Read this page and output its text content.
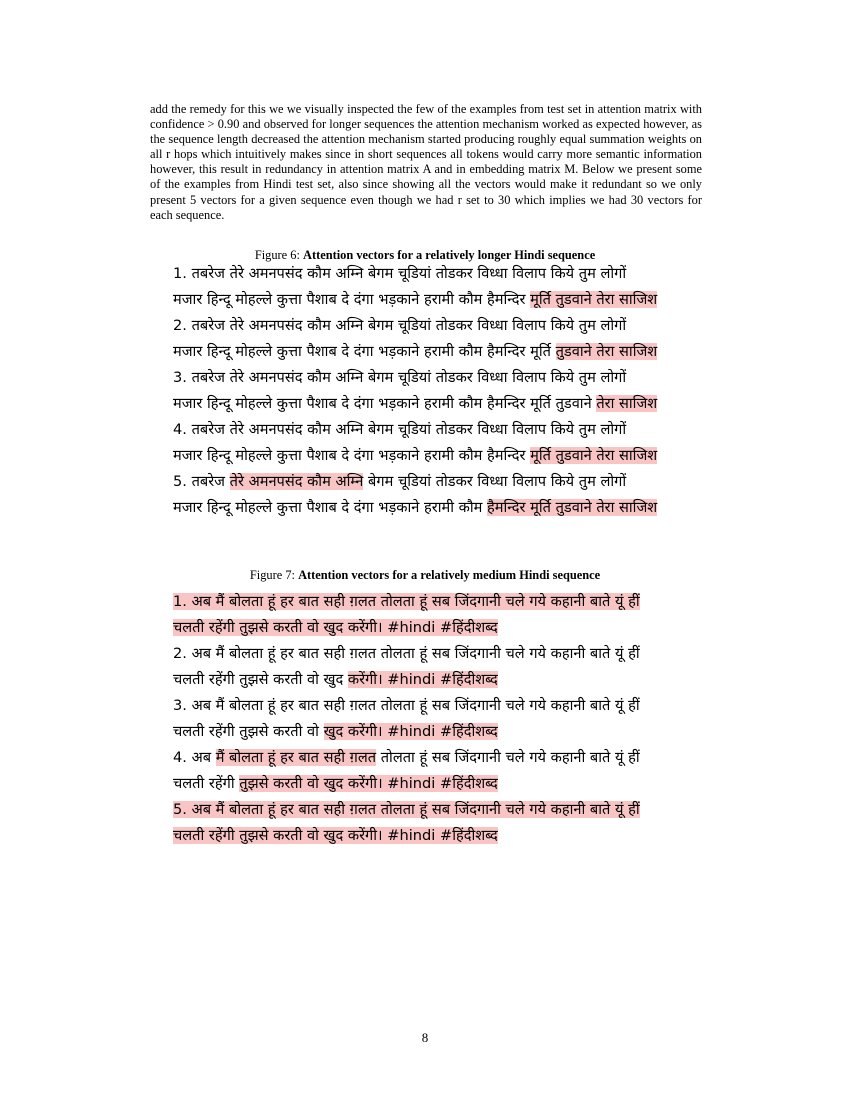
add the remedy for this we we visually inspected the few of the examples from test set in attention matrix with confidence > 0.90 and observed for longer sequences the attention mechanism worked as expected however, as the sequence length decreased the attention mechanism started producing roughly equal summation weights on all r hops which intuitively makes since in short sequences all tokens would carry more semantic information however, this result in redundancy in attention matrix A and in embedding matrix M. Below we present some of the examples from Hindi test set, also since showing all the vectors would make it redundant so we only present 5 vectors for a given sequence even though we had r set to 30 which implies we had 30 vectors for each sequence.

Figure 6: Attention vectors for a relatively longer Hindi sequence
1. तबरेज तेरे अमनपसंद कौम अम्नि बेगम चूडियां तोडकर विध्धा विलाप किये तुम लोगों
मजार हिन्दू मोहल्ले कुत्ता पैशाब दे दंगा भड़काने हरामी कौम हैमन्दिर मूर्ति तुडवाने तेरा साजिश
2. तबरेज तेरे अमनपसंद कौम अम्नि बेगम चूडियां तोडकर विध्धा विलाप किये तुम लोगों
मजार हिन्दू मोहल्ले कुत्ता पैशाब दे दंगा भड़काने हरामी कौम हैमन्दिर मूर्ति तुडवाने तेरा साजिश
3. तबरेज तेरे अमनपसंद कौम अम्नि बेगम चूडियां तोडकर विध्धा विलाप किये तुम लोगों
मजार हिन्दू मोहल्ले कुत्ता पैशाब दे दंगा भड़काने हरामी कौम हैमन्दिर मूर्ति तुडवाने तेरा साजिश
4. तबरेज तेरे अमनपसंद कौम अम्नि बेगम चूडियां तोडकर विध्धा विलाप किये तुम लोगों
मजार हिन्दू मोहल्ले कुत्ता पैशाब दे दंगा भड़काने हरामी कौम हैमन्दिर मूर्ति तुडवाने तेरा साजिश
5. तबरेज तेरे अमनपसंद कौम अम्नि बेगम चूडियां तोडकर विध्धा विलाप किये तुम लोगों
मजार हिन्दू मोहल्ले कुत्ता पैशाब दे दंगा भड़काने हरामी कौम हैमन्दिर मूर्ति तुडवाने तेरा साजिश
Figure 7: Attention vectors for a relatively medium Hindi sequence
1. अब मैं बोलता हूं हर बात सही ग़लत तोलता हूं सब जिंदगानी चले गये कहानी बाते यूं हीं
चलती रहेंगी तुझसे करती वो खुद करेंगी। #hindi #हिंदीशब्द
2. अब मैं बोलता हूं हर बात सही ग़लत तोलता हूं सब जिंदगानी चले गये कहानी बाते यूं हीं
चलती रहेंगी तुझसे करती वो खुद करेंगी। #hindi #हिंदीशब्द
3. अब मैं बोलता हूं हर बात सही ग़लत तोलता हूं सब जिंदगानी चले गये कहानी बाते यूं हीं
चलती रहेंगी तुझसे करती वो खुद करेंगी। #hindi #हिंदीशब्द
4. अब मैं बोलता हूं हर बात सही ग़लत तोलता हूं सब जिंदगानी चले गये कहानी बाते यूं हीं
चलती रहेंगी तुझसे करती वो खुद करेंगी। #hindi #हिंदीशब्द
5. अब मैं बोलता हूं हर बात सही ग़लत तोलता हूं सब जिंदगानी चले गये कहानी बाते यूं हीं
चलती रहेंगी तुझसे करती वो खुद करेंगी। #hindi #हिंदीशब्द
8
